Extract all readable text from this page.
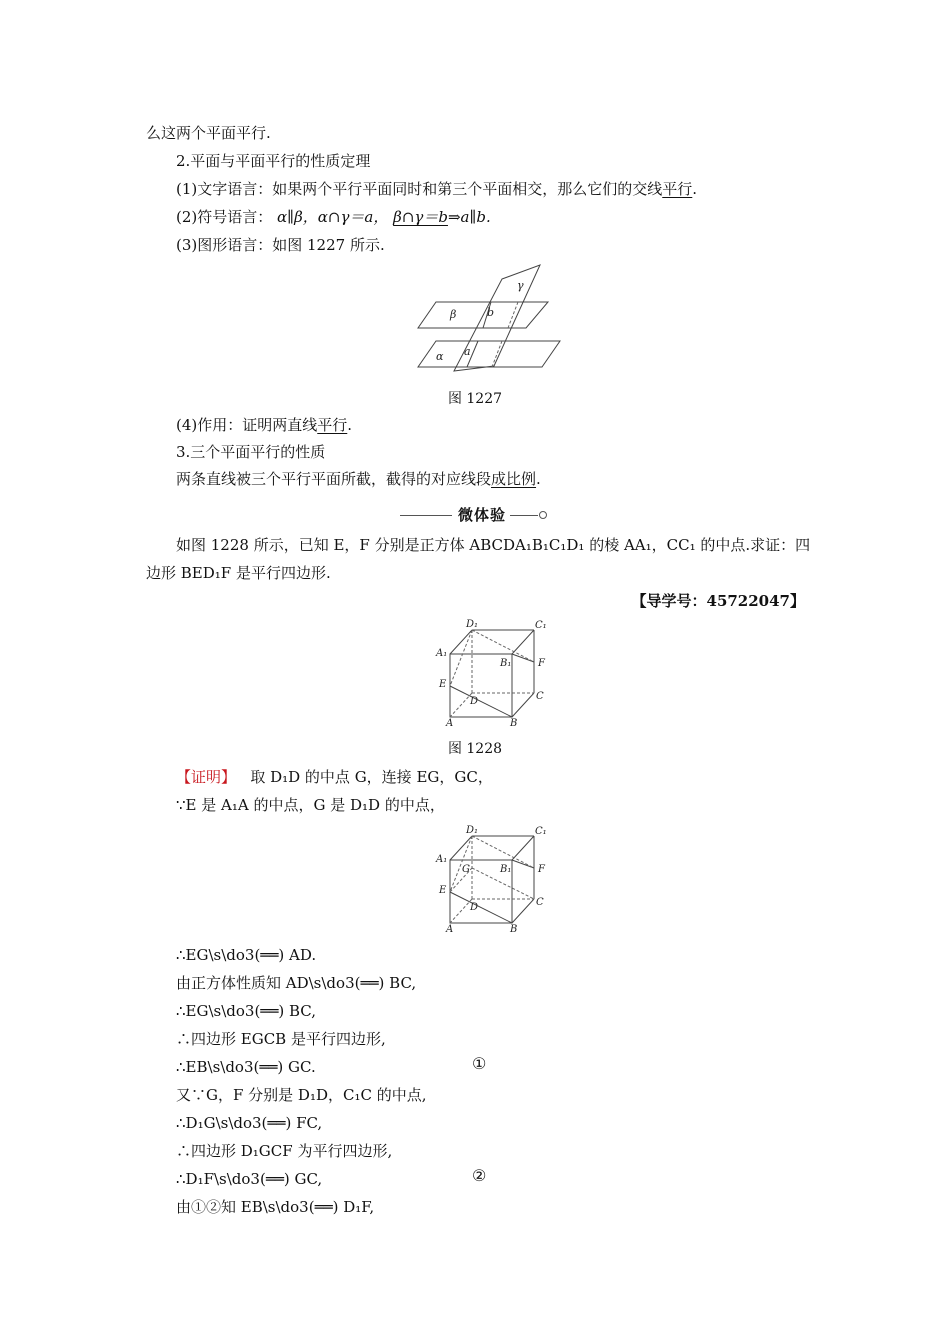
么这两个平面平行.
2.平面与平面平行的性质定理
(1)文字语言：如果两个平行平面同时和第三个平面相交，那么它们的交线平行.
(2)符号语言： α∥β，α∩γ＝a， β∩γ＝b⇒a∥b.
(3)图形语言：如图 1227 所示.
β	b
γ
α a
图 1227
(4)作用：证明两直线平行.
3.三个平面平行的性质
两条直线被三个平行平面所截，截得的对应线段成比例.
微体验
如图 1228 所示，已知 E，F 分别是正方体 ABCDA₁B₁C₁D₁ 的棱 AA₁，CC₁ 的中点.求证：四
边形 BED₁F 是平行四边形.
【导学号：45722047】
D₁	C₁
A₁
B₁	F
E
C
D
A	B
图 1228
【证明】 取 D₁D 的中点 G，连接 EG，GC，
∵E 是 A₁A 的中点，G 是 D₁D 的中点，
D₁	C₁
A₁
B₁
G	F
E
C
D
A	B
∴EG\s\do3(══) AD.
由正方体性质知 AD\s\do3(══) BC,
∴EG\s\do3(══) BC,
∴四边形 EGCB 是平行四边形,
∴EB\s\do3(══) GC.	①
又∵G，F 分别是 D₁D，C₁C 的中点,
∴D₁G\s\do3(══) FC,
∴四边形 D₁GCF 为平行四边形,
∴D₁F\s\do3(══) GC,	②
由①②知 EB\s\do3(══) D₁F,
